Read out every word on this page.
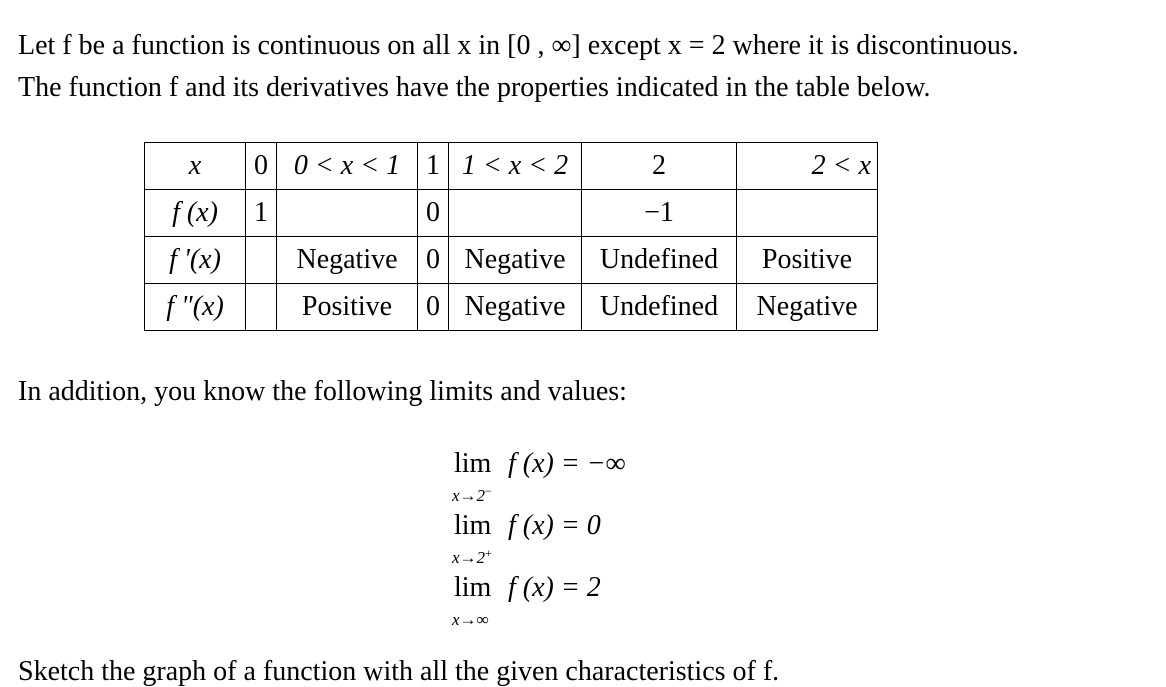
Let f be a function is continuous on all x in [0 , ∞] except x = 2 where it is discontinuous.

The function f and its derivatives have the properties indicated in the table below.

x	0	0 < x < 1	1	1 < x < 2	2	2 < x
f (x)	1		0		−1	
f '(x)		Negative	0	Negative	Undefined	Positive
f "(x)		Positive	0	Negative	Undefined	Negative

In addition, you know the following limits and values:

lim
x→2−
f (x) = −∞
lim
x→2+
f (x) = 0
lim
x→∞
f (x) = 2

Sketch the graph of a function with all the given characteristics of f.
